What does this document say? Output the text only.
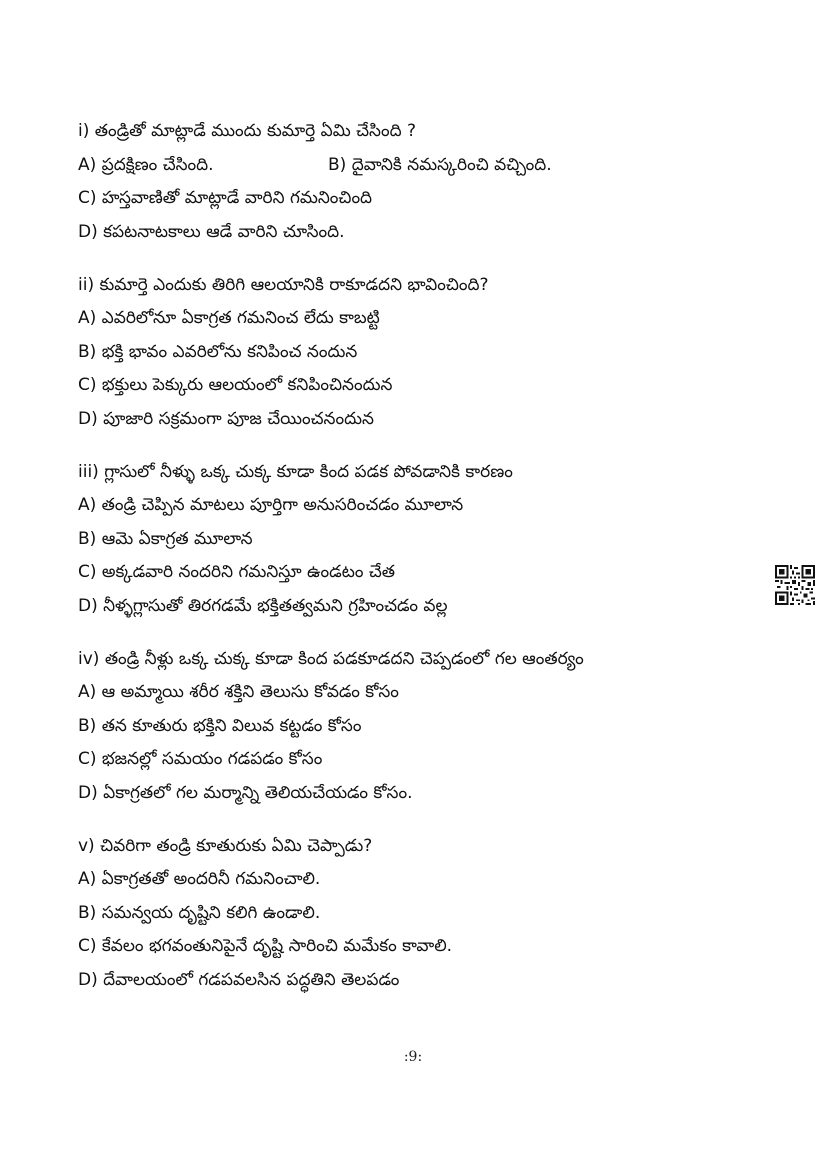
i) తండ్రితో మాట్లాడే ముందు కుమార్తె ఏమి చేసింది ?
A) ప్రదక్షిణం చేసింది.	B) దైవానికి నమస్కరించి వచ్చింది.
C) హస్తవాణితో మాట్లాడే వారిని గమనించింది
D) కపటనాటకాలు ఆడే వారిని చూసింది.
ii) కుమార్తె ఎందుకు తిరిగి ఆలయానికి రాకూడదని భావించింది?
A) ఎవరిలోనూ ఏకాగ్రత గమనించ లేదు కాబట్టి
B) భక్తి భావం ఎవరిలోను కనిపించ నందున
C) భక్తులు పెక్కురు ఆలయంలో కనిపించినందున
D) పూజారి సక్రమంగా పూజ చేయించనందున
iii) గ్లాసులో నీళ్ళు ఒక్క చుక్క కూడా కింద పడక పోవడానికి కారణం
A) తండ్రి చెప్పిన మాటలు పూర్తిగా అనుసరించడం మూలాన
B) ఆమె ఏకాగ్రత మూలాన
C) అక్కడవారి నందరిని గమనిస్తూ ఉండటం చేత
D) నీళ్ళగ్లాసుతో తిరగడమే భక్తితత్వమని గ్రహించడం వల్ల
iv) తండ్రి నీళ్లు ఒక్క చుక్క కూడా కింద పడకూడదని చెప్పడంలో గల ఆంతర్యం
A) ఆ అమ్మాయి శరీర శక్తిని తెలుసు కోవడం కోసం
B) తన కూతురు భక్తిని విలువ కట్టడం కోసం
C) భజనల్లో సమయం గడపడం కోసం
D) ఏకాగ్రతలో గల మర్మాన్ని తెలియచేయడం కోసం.
v) చివరిగా తండ్రి కూతురుకు ఏమి చెప్పాడు?
A) ఏకాగ్రతతో అందరినీ గమనించాలి.
B) సమన్వయ దృష్టిని కలిగి ఉండాలి.
C) కేవలం భగవంతునిపైనే దృష్టి సారించి మమేకం కావాలి.
D) దేవాలయంలో గడపవలసిన పద్ధతిని తెలపడం
:9:
